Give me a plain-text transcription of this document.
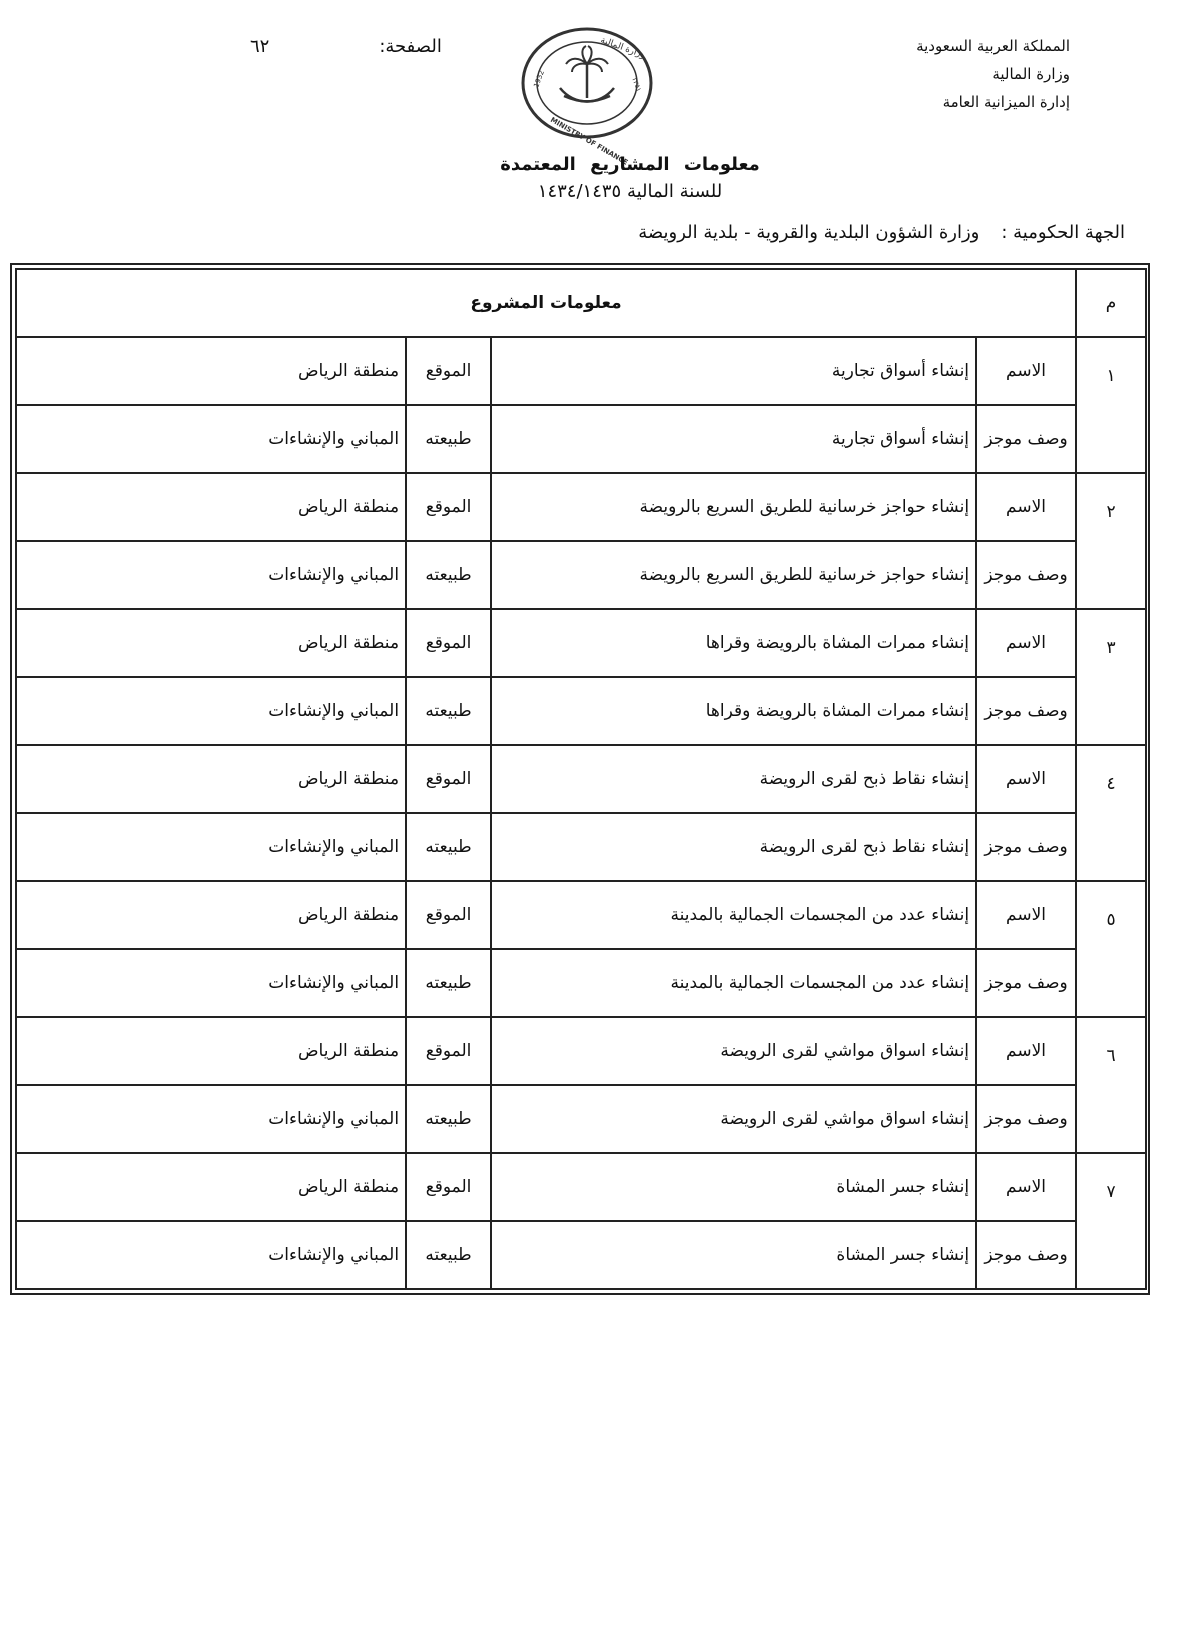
المملكة العربية السعودية
وزارة المالية
إدارة الميزانية العامة
الصفحة:
٦٢
1932	١٣٥١
وزارة المالية
MINISTRY OF FINANCE
معلومات المشاريع المعتمدة
للسنة المالية ١٤٣٤/١٤٣٥
الجهة الحكومية :
وزارة الشؤون البلدية والقروية - بلدية الرويضة
م	معلومات المشروع			
١	الاسم	إنشاء أسواق تجارية	الموقع	منطقة الرياض
	وصف موجز	إنشاء أسواق تجارية	طبيعته	المباني والإنشاءات
٢	الاسم	إنشاء حواجز خرسانية للطريق السريع بالرويضة	الموقع	منطقة الرياض
	وصف موجز	إنشاء حواجز خرسانية للطريق السريع بالرويضة	طبيعته	المباني والإنشاءات
٣	الاسم	إنشاء ممرات المشاة بالرويضة وقراها	الموقع	منطقة الرياض
	وصف موجز	إنشاء ممرات المشاة بالرويضة وقراها	طبيعته	المباني والإنشاءات
٤	الاسم	إنشاء نقاط ذبح لقرى الرويضة	الموقع	منطقة الرياض
	وصف موجز	إنشاء نقاط ذبح لقرى الرويضة	طبيعته	المباني والإنشاءات
٥	الاسم	إنشاء عدد من المجسمات الجمالية بالمدينة	الموقع	منطقة الرياض
	وصف موجز	إنشاء عدد من المجسمات الجمالية بالمدينة	طبيعته	المباني والإنشاءات
٦	الاسم	إنشاء اسواق مواشي لقرى الرويضة	الموقع	منطقة الرياض
	وصف موجز	إنشاء اسواق مواشي لقرى الرويضة	طبيعته	المباني والإنشاءات
٧	الاسم	إنشاء جسر المشاة	الموقع	منطقة الرياض
	وصف موجز	إنشاء جسر المشاة	طبيعته	المباني والإنشاءات
